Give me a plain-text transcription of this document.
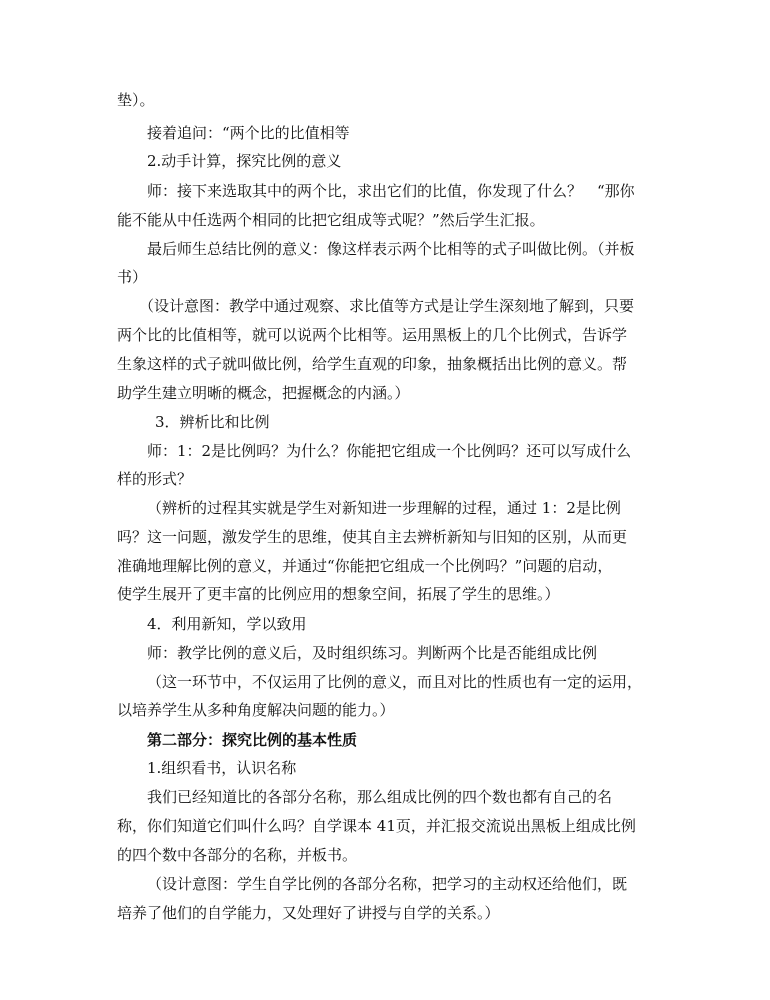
垫）。

接着追问：“两个比的比值相等

2.动手计算，探究比例的意义

师：接下来选取其中的两个比，求出它们的比值，你发现了什么？　“那你

能不能从中任选两个相同的比把它组成等式呢？”然后学生汇报。

最后师生总结比例的意义：像这样表示两个比相等的式子叫做比例。（并板

书）

（设计意图：教学中通过观察、求比值等方式是让学生深刻地了解到，只要

两个比的比值相等，就可以说两个比相等。运用黑板上的几个比例式，告诉学

生象这样的式子就叫做比例，给学生直观的印象，抽象概括出比例的意义。帮

助学生建立明晰的概念，把握概念的内涵。）

3．辨析比和比例

师：1：2是比例吗？为什么？你能把它组成一个比例吗？还可以写成什么

样的形式？

（辨析的过程其实就是学生对新知进一步理解的过程，通过 1：2是比例

吗？这一问题，激发学生的思维，使其自主去辨析新知与旧知的区别，从而更

准确地理解比例的意义，并通过“你能把它组成一个比例吗？”问题的启动，

使学生展开了更丰富的比例应用的想象空间，拓展了学生的思维。）

4．利用新知，学以致用

师：教学比例的意义后，及时组织练习。判断两个比是否能组成比例

（这一环节中，不仅运用了比例的意义，而且对比的性质也有一定的运用，

以培养学生从多种角度解决问题的能力。）

第二部分：探究比例的基本性质

1.组织看书，认识名称

我们已经知道比的各部分名称，那么组成比例的四个数也都有自己的名

称，你们知道它们叫什么吗？自学课本 41页，并汇报交流说出黑板上组成比例

的四个数中各部分的名称，并板书。

（设计意图：学生自学比例的各部分名称，把学习的主动权还给他们，既

培养了他们的自学能力，又处理好了讲授与自学的关系。）
